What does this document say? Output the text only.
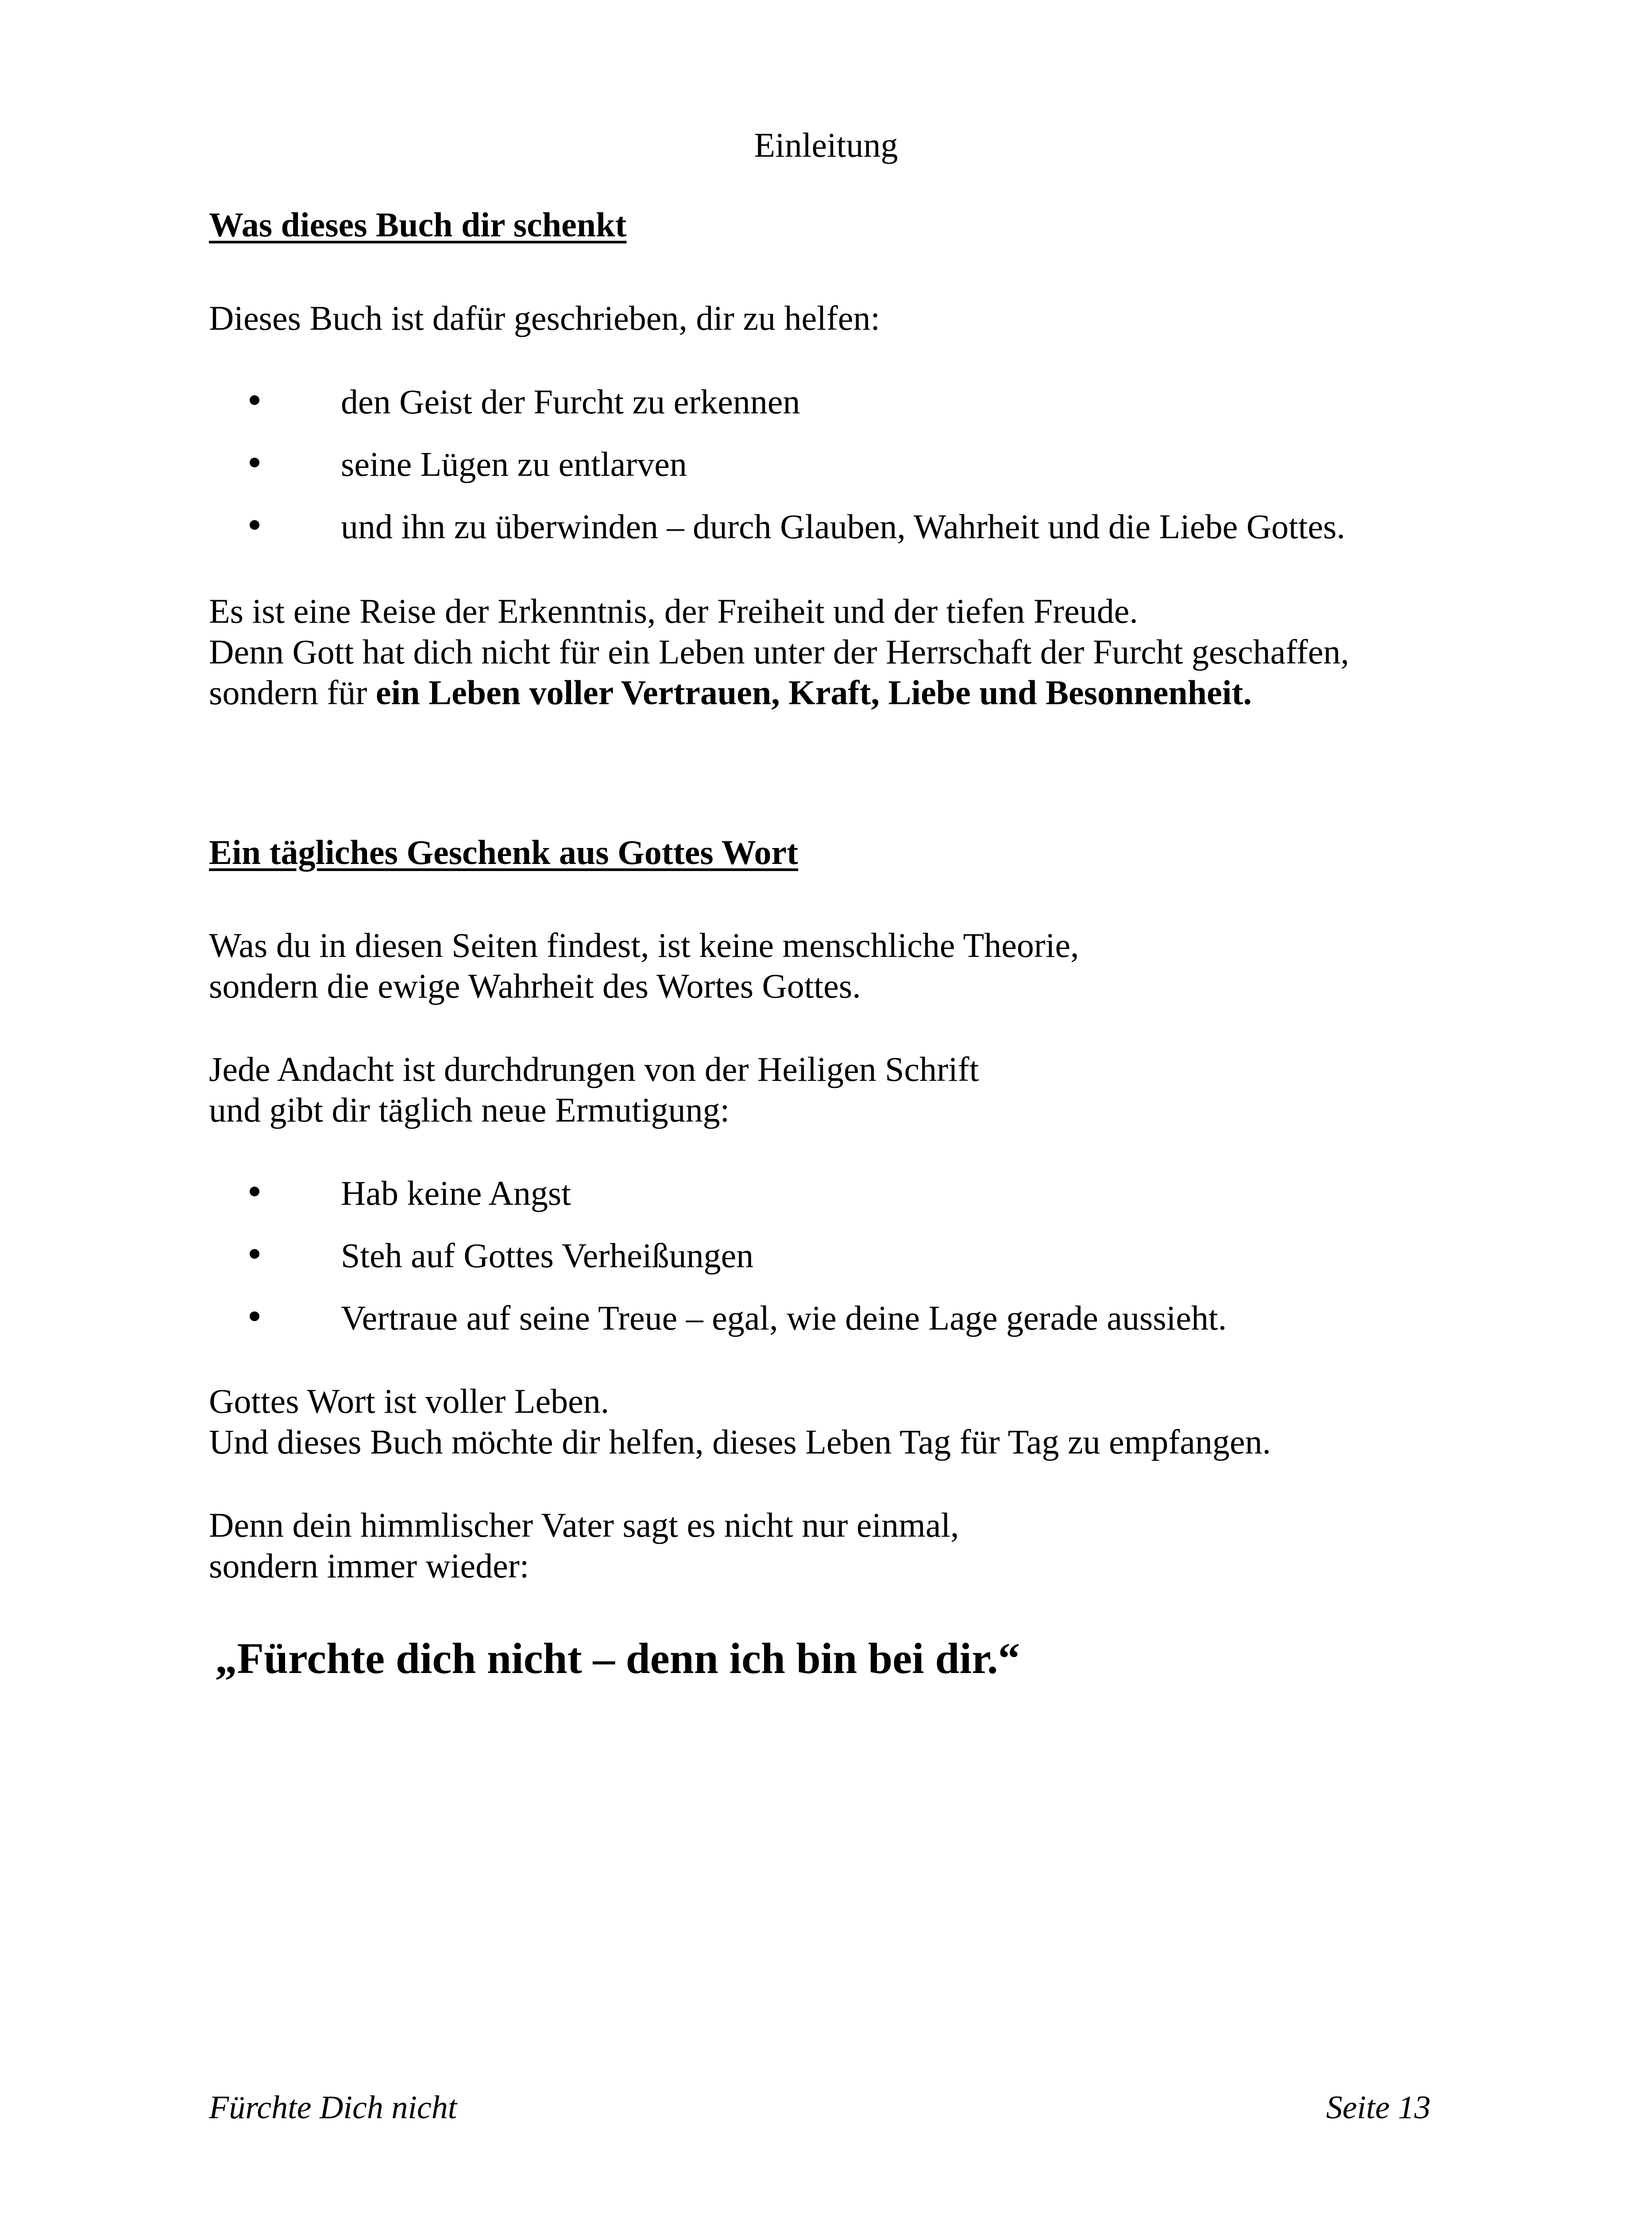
Einleitung

Was dieses Buch dir schenkt

Dieses Buch ist dafür geschrieben, dir zu helfen:

den Geist der Furcht zu erkennen
seine Lügen zu entlarven
und ihn zu überwinden – durch Glauben, Wahrheit und die Liebe Gottes.
Es ist eine Reise der Erkenntnis, der Freiheit und der tiefen Freude.
Denn Gott hat dich nicht für ein Leben unter der Herrschaft der Furcht geschaffen,
sondern für ein Leben voller Vertrauen, Kraft, Liebe und Besonnenheit.
Ein tägliches Geschenk aus Gottes Wort
Was du in diesen Seiten findest, ist keine menschliche Theorie,
sondern die ewige Wahrheit des Wortes Gottes.
Jede Andacht ist durchdrungen von der Heiligen Schrift
und gibt dir täglich neue Ermutigung:
Hab keine Angst
Steh auf Gottes Verheißungen
Vertraue auf seine Treue – egal, wie deine Lage gerade aussieht.
Gottes Wort ist voller Leben.
Und dieses Buch möchte dir helfen, dieses Leben Tag für Tag zu empfangen.
Denn dein himmlischer Vater sagt es nicht nur einmal,
sondern immer wieder:

„Fürchte dich nicht – denn ich bin bei dir.“

Fürchte Dich nicht	Seite 13
